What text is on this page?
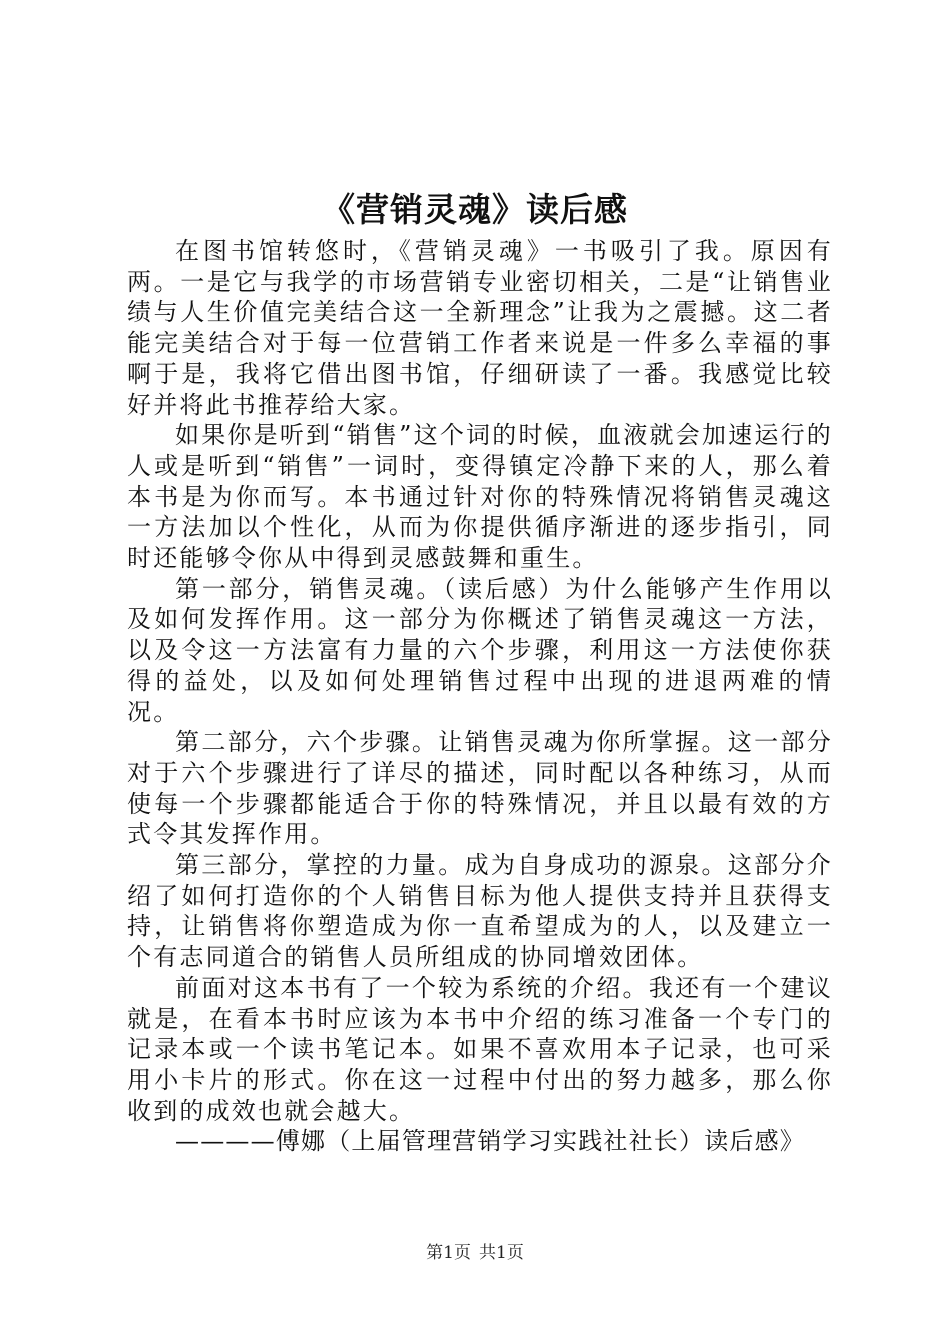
《营销灵魂》读后感

在图书馆转悠时，《营销灵魂》一书吸引了我。原因有两。一是它与我学的市场营销专业密切相关，二是“让销售业绩与人生价值完美结合这一全新理念”让我为之震撼。这二者能完美结合对于每一位营销工作者来说是一件多么幸福的事啊于是，我将它借出图书馆，仔细研读了一番。我感觉比较好并将此书推荐给大家。

如果你是听到“销售”这个词的时候，血液就会加速运行的人或是听到“销售”一词时，变得镇定冷静下来的人，那么着本书是为你而写。本书通过针对你的特殊情况将销售灵魂这一方法加以个性化，从而为你提供循序渐进的逐步指引，同时还能够令你从中得到灵感鼓舞和重生。

第一部分，销售灵魂。（读后感）为什么能够产生作用以及如何发挥作用。这一部分为你概述了销售灵魂这一方法，以及令这一方法富有力量的六个步骤，利用这一方法使你获得的益处，以及如何处理销售过程中出现的进退两难的情况。

第二部分，六个步骤。让销售灵魂为你所掌握。这一部分对于六个步骤进行了详尽的描述，同时配以各种练习，从而使每一个步骤都能适合于你的特殊情况，并且以最有效的方式令其发挥作用。

第三部分，掌控的力量。成为自身成功的源泉。这部分介绍了如何打造你的个人销售目标为他人提供支持并且获得支持，让销售将你塑造成为你一直希望成为的人，以及建立一个有志同道合的销售人员所组成的协同增效团体。

前面对这本书有了一个较为系统的介绍。我还有一个建议就是，在看本书时应该为本书中介绍的练习准备一个专门的记录本或一个读书笔记本。如果不喜欢用本子记录，也可采用小卡片的形式。你在这一过程中付出的努力越多，那么你收到的成效也就会越大。

————傅娜（上届管理营销学习实践社社长）读后感》

第1页 共1页
